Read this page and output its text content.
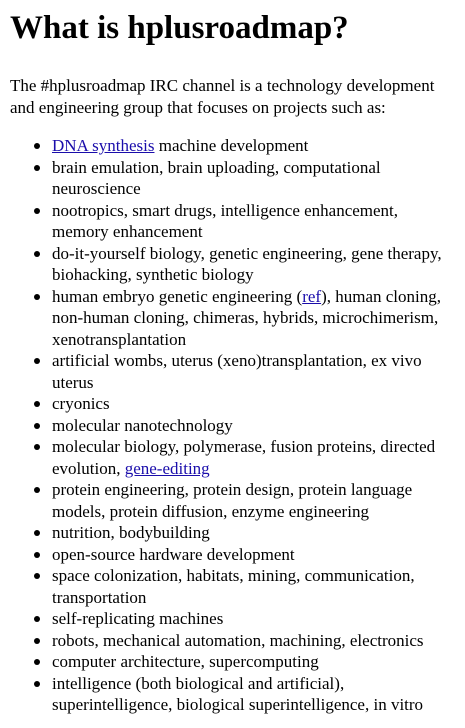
What is hplusroadmap?

The #hplusroadmap IRC channel is a technology development and engineering group that focuses on projects such as:

DNA synthesis machine development
brain emulation, brain uploading, computational neuroscience
nootropics, smart drugs, intelligence enhancement, memory enhancement
do-it-yourself biology, genetic engineering, gene therapy, biohacking, synthetic biology
human embryo genetic engineering (ref), human cloning, non-human cloning, chimeras, hybrids, microchimerism, xenotransplantation
artificial wombs, uterus (xeno)transplantation, ex vivo uterus
cryonics
molecular nanotechnology
molecular biology, polymerase, fusion proteins, directed evolution, gene-editing
protein engineering, protein design, protein language models, protein diffusion, enzyme engineering
nutrition, bodybuilding
open-source hardware development
space colonization, habitats, mining, communication, transportation
self-replicating machines
robots, mechanical automation, machining, electronics
computer architecture, supercomputing
intelligence (both biological and artificial), superintelligence, biological superintelligence, in vitro
